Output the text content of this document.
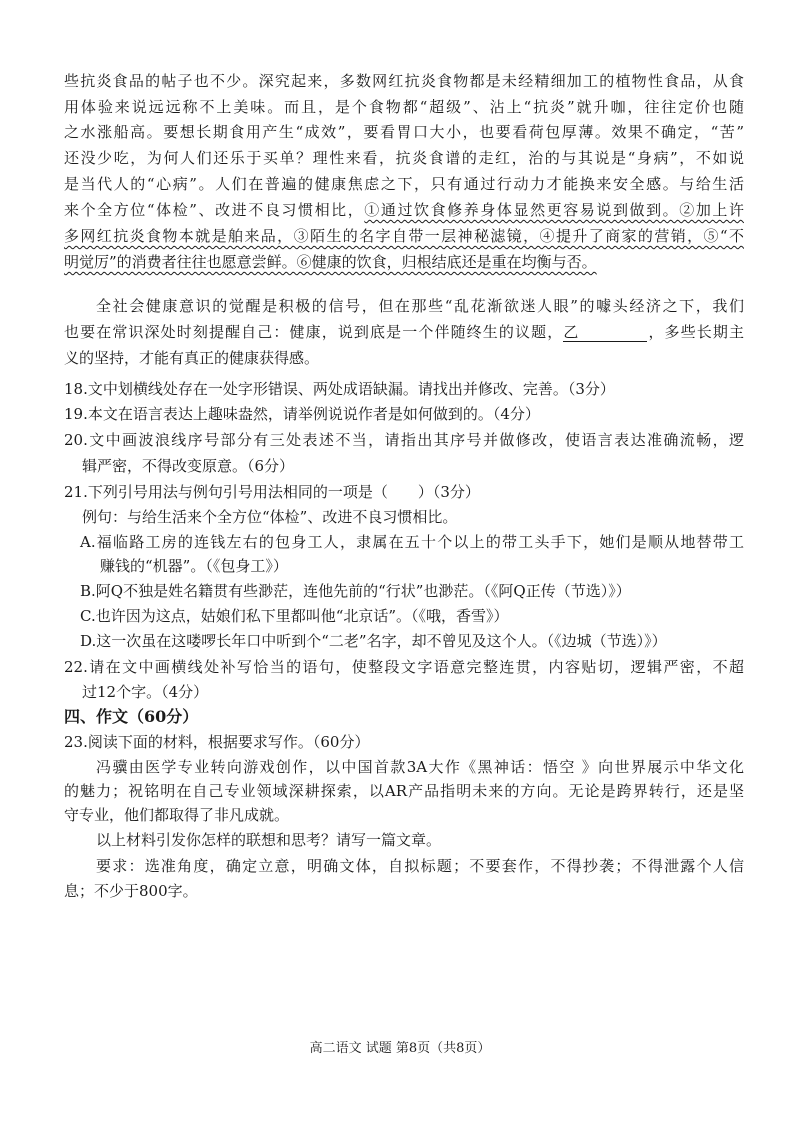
些抗炎食品的帖子也不少。深究起来，多数网红抗炎食物都是未经精细加工的植物性食品，从食
用体验来说远远称不上美味。而且，是个食物都“超级”、沾上“抗炎”就升咖，往往定价也随
之水涨船高。要想长期食用产生“成效”，要看胃口大小，也要看荷包厚薄。效果不确定，“苦”
还没少吃，为何人们还乐于买单？理性来看，抗炎食谱的走红，治的与其说是“身病”，不如说
是当代人的“心病”。人们在普遍的健康焦虑之下，只有通过行动力才能换来安全感。与给生活
来个全方位“体检”、改进不良习惯相比，①通过饮食修养身体显然更容易说到做到。②加上许
多网红抗炎食物本就是舶来品，③陌生的名字自带一层神秘滤镜，④提升了商家的营销，⑤“不
明觉厉”的消费者往往也愿意尝鲜。⑥健康的饮食，归根结底还是重在均衡与否。
全社会健康意识的觉醒是积极的信号，但在那些“乱花渐欲迷人眼”的噱头经济之下，我们
也要在常识深处时刻提醒自己：健康，说到底是一个伴随终生的议题，乙	，多些长期主
义的坚持，才能有真正的健康获得感。
18.文中划横线处存在一处字形错误、两处成语缺漏。请找出并修改、完善。（3分）
19.本文在语言表达上趣味盎然，请举例说说作者是如何做到的。（4分）
20.文中画波浪线序号部分有三处表述不当，请指出其序号并做修改，使语言表达准确流畅，逻
辑严密，不得改变原意。（6分）
21.下列引号用法与例句引号用法相同的一项是（　　）（3分）
例句：与给生活来个全方位“体检”、改进不良习惯相比。
A.福临路工房的连钱左右的包身工人，隶属在五十个以上的带工头手下，她们是顺从地替带工
赚钱的“机器”。（《包身工》）
B.阿Q不独是姓名籍贯有些渺茫，连他先前的“行状”也渺茫。（《阿Q正传（节选）》）
C.也许因为这点，姑娘们私下里都叫他“北京话”。（《哦，香雪》）
D.这一次虽在这喽啰长年口中听到个“二老”名字，却不曾见及这个人。（《边城（节选）》）
22.请在文中画横线处补写恰当的语句，使整段文字语意完整连贯，内容贴切，逻辑严密，不超
过12个字。（4分）
四、作文（60分）
23.阅读下面的材料，根据要求写作。（60分）
冯骥由医学专业转向游戏创作，以中国首款3A大作《黑神话：悟空 》向世界展示中华文化
的魅力；祝铭明在自己专业领域深耕探索，以AR产品指明未来的方向。无论是跨界转行，还是坚
守专业，他们都取得了非凡成就。
以上材料引发你怎样的联想和思考？请写一篇文章。
要求：选准角度，确定立意，明确文体，自拟标题；不要套作，不得抄袭；不得泄露个人信
息；不少于800字。
高二语文 试题 第8页（共8页）
